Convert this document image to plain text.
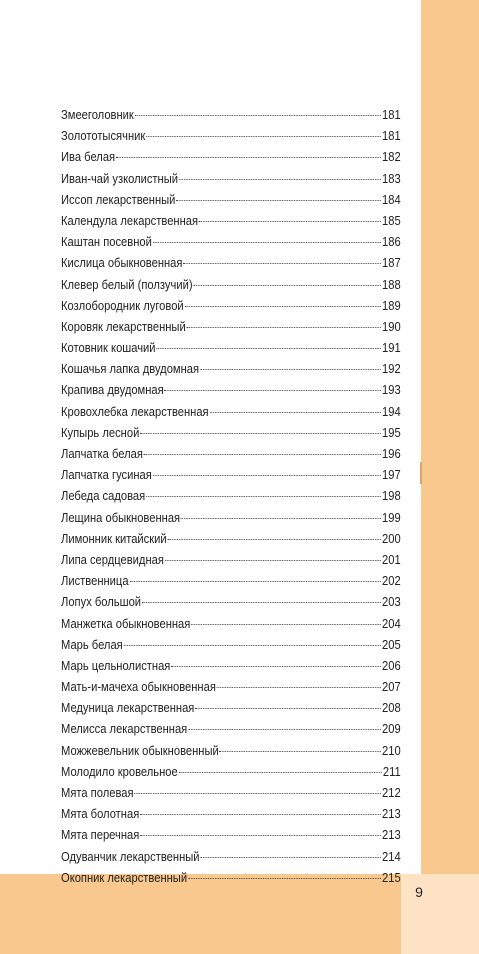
9
Змееголовник	181
Золототысячник	181
Ива белая	182
Иван-чай узколистный	183
Иссоп лекарственный	184
Календула лекарственная	185
Каштан посевной	186
Кислица обыкновенная	187
Клевер белый (ползучий)	188
Козлобородник луговой	189
Коровяк лекарственный	190
Котовник кошачий	191
Кошачья лапка двудомная	192
Крапива двудомная	193
Кровохлебка лекарственная	194
Купырь лесной	195
Лапчатка белая	196
Лапчатка гусиная	197
Лебеда садовая	198
Лещина обыкновенная	199
Лимонник китайский	200
Липа сердцевидная	201
Лиственница	202
Лопух большой	203
Манжетка обыкновенная	204
Марь белая	205
Марь цельнолистная	206
Мать-и-мачеха обыкновенная	207
Медуница лекарственная	208
Мелисса лекарственная	209
Можжевельник обыкновенный	210
Молодило кровельное	211
Мята полевая	212
Мята болотная	213
Мята перечная	213
Одуванчик лекарственный	214
Окопник лекарственный	215
